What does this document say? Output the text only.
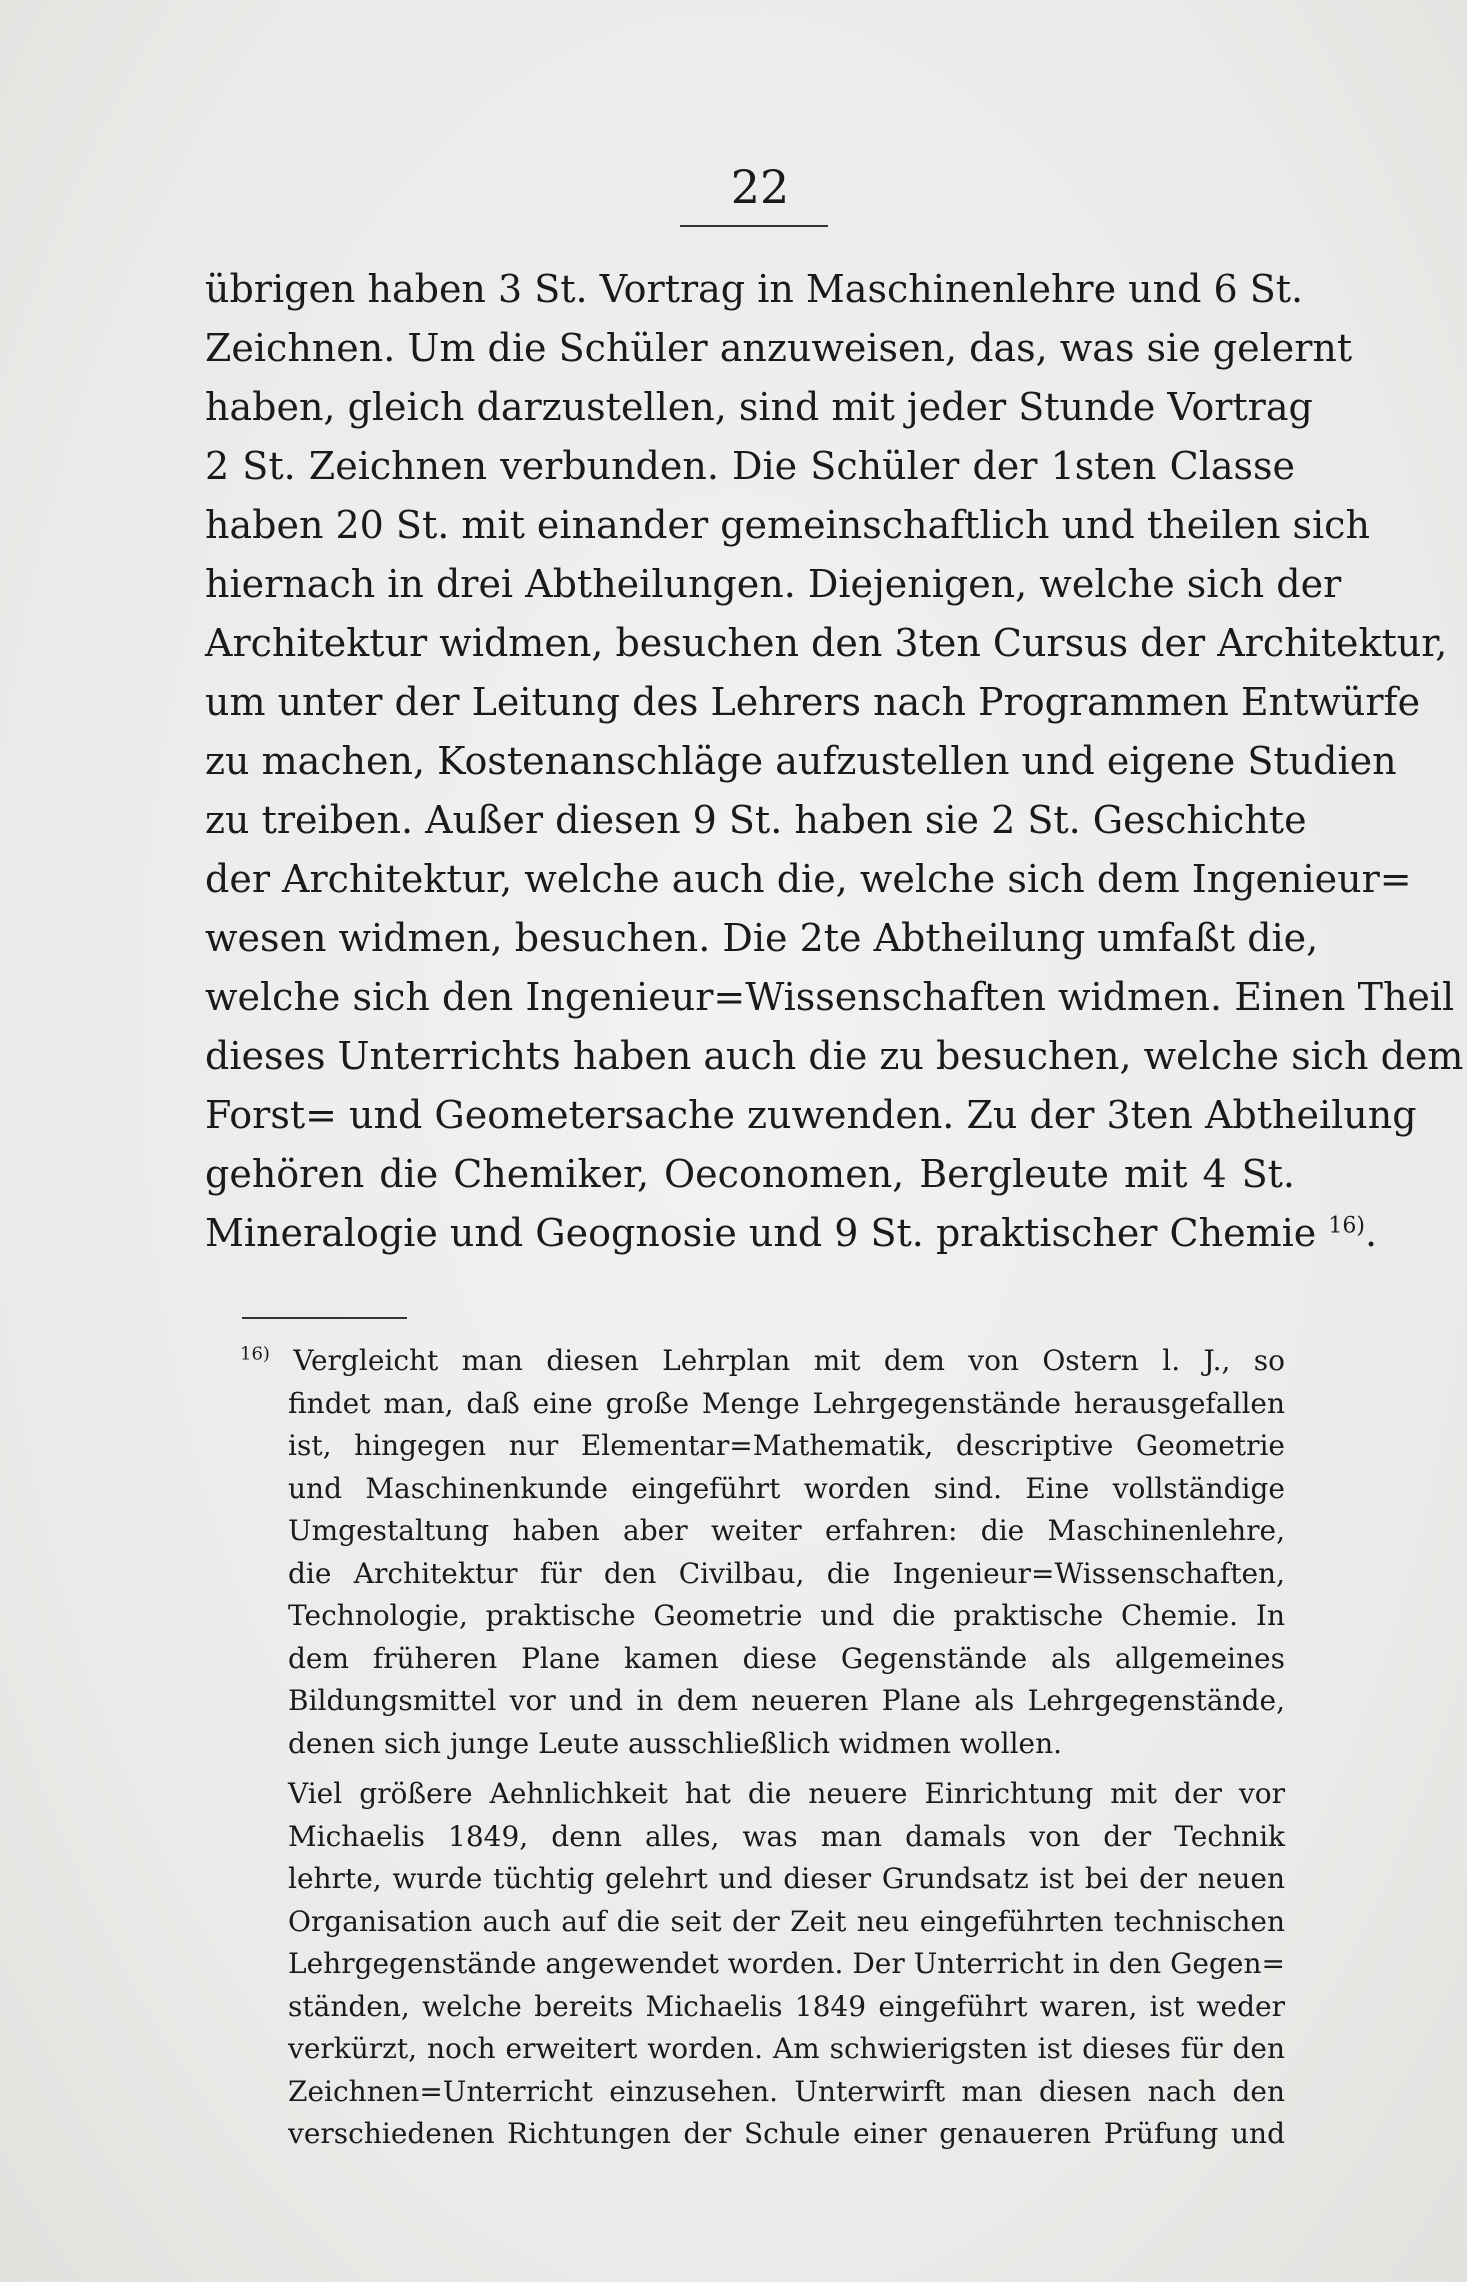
22
übrigen haben 3 St. Vortrag in Maschinenlehre und 6 St.
Zeichnen. Um die Schüler anzuweisen, das, was sie gelernt
haben, gleich darzustellen, sind mit jeder Stunde Vortrag
2 St. Zeichnen verbunden. Die Schüler der 1sten Classe
haben 20 St. mit einander gemeinschaftlich und theilen sich
hiernach in drei Abtheilungen. Diejenigen, welche sich der
Architektur widmen, besuchen den 3ten Cursus der Architektur,
um unter der Leitung des Lehrers nach Programmen Entwürfe
zu machen, Kostenanschläge aufzustellen und eigene Studien
zu treiben. Außer diesen 9 St. haben sie 2 St. Geschichte
der Architektur, welche auch die, welche sich dem Ingenieur=
wesen widmen, besuchen. Die 2te Abtheilung umfaßt die,
welche sich den Ingenieur=Wissenschaften widmen. Einen Theil
dieses Unterrichts haben auch die zu besuchen, welche sich dem
Forst= und Geometersache zuwenden. Zu der 3ten Abtheilung
gehören die Chemiker, Oeconomen, Bergleute mit 4 St.
Mineralogie und Geognosie und 9 St. praktischer Chemie $^{16)}$.
$^{16)}$ Vergleicht man diesen Lehrplan mit dem von Ostern l. J., so
findet man, daß eine große Menge Lehrgegenstände herausgefallen
ist, hingegen nur Elementar=Mathematik, descriptive Geometrie
und Maschinenkunde eingeführt worden sind. Eine vollständige
Umgestaltung haben aber weiter erfahren: die Maschinenlehre,
die Architektur für den Civilbau, die Ingenieur=Wissenschaften,
Technologie, praktische Geometrie und die praktische Chemie. In
dem früheren Plane kamen diese Gegenstände als allgemeines
Bildungsmittel vor und in dem neueren Plane als Lehrgegenstände,
denen sich junge Leute ausschließlich widmen wollen.
Viel größere Aehnlichkeit hat die neuere Einrichtung mit der vor
Michaelis 1849, denn alles, was man damals von der Technik
lehrte, wurde tüchtig gelehrt und dieser Grundsatz ist bei der neuen
Organisation auch auf die seit der Zeit neu eingeführten technischen
Lehrgegenstände angewendet worden. Der Unterricht in den Gegen=
ständen, welche bereits Michaelis 1849 eingeführt waren, ist weder
verkürzt, noch erweitert worden. Am schwierigsten ist dieses für den
Zeichnen=Unterricht einzusehen. Unterwirft man diesen nach den
verschiedenen Richtungen der Schule einer genaueren Prüfung und
